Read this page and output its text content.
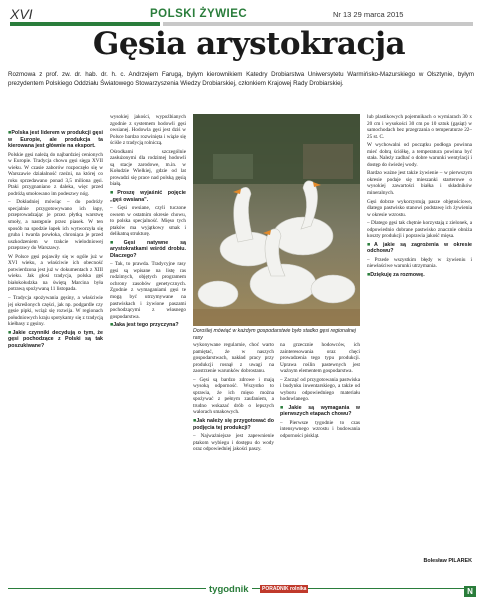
XVI	POLSKI ŻYWIEC	Nr 13 29 marca 2015
Gęsia arystokracja
Rozmowa z prof. zw. dr. hab. dr. h. c. Andrzejem Farugą, byłym kierownikiem Katedry Drobiarstwa Uniwersytetu Warmińsko-Mazurskiego w Olsztynie, byłym prezydentem Polskiego Oddziału Światowego Stowarzyszenia Wiedzy Drobiarskiej, członkiem Krajowej Rady Drobiarskiej.
■ Polska jest liderem w produkcji gęsi w Europie, ale produkcja ta kierowana jest głównie na eksport.

Polskie gęsi należą do najbardziej cenionych w Europie. Tradycja chowu gęsi sięga XVII wieku. W czasie zaborów rozpoczęło się w Warszawie działalność rzeźni, na której co roku sprzedawano ponad 3,5 miliona gęsi. Ptaki przygnaniano z daleka, więc przed podróżą smołowano im podeszwy nóg.

– Dokładniej mówiąc – do podróży specjalnie przygotowywano ich łapy, przeprowadzając je przez płytką warstwę smoły, a następnie przez piasek. W ten sposób na spodzie łapek ich wytworzyła się gruba i twarda powłoka, chroniąca je przed uszkodzeniem w trakcie wielodniowej przeprawy do Warszawy.

W Polsce gęsi pojawiły się w ogóle już w XVI wieku, a właściwie ich obecność potwierdzona jest już w dokumentach z XIII wieku. Jak głosi tradycja, polska gęś białokołudzka na świętą Marcina była potrawą spożywaną 11 listopada.

– Tradycja spożywania gęsiny, a właściwie jej określonych części, jak np. podgardle czy gęsie pipki, wciąż się rozwija. W regionach południowych kraju spotykamy się z tradycją kiełbasy z gęsiny.

■ Jakie czynniki decydują o tym, że gęsi pochodzące z Polski są tak poszukiwane?

wysokiej jakości, wypoźbianych zgodnie z systemem hodowli gęsi owsianej. Hodowla gęsi jest dziś w Polsce bardzo rozwinięta i wiąże się ściśle z tradycją rolniczą.

Ośrodkami szczególnie zasłużonymi dla rodzimej hodowli są stacje zarodowe, m.in. w Kołudzie Wielkiej, gdzie od lat prowadzi się prace nad polską gęsią białą.

■ Proszę wyjaśnić pojęcie „gęś owsiana".

– Gęsi owsiane, czyli tuczone owsem w ostatnim okresie chowu, to polska specjalność. Mięso tych ptaków ma wyjątkowy smak i delikatną strukturę.

■ Gęsi natywne są arystokratkami wśród drobiu. Dlaczego?

– Tak, to prawda. Tradycyjne rasy gęsi są wpisane na listę ras rodzimych, objętych programem ochrony zasobów genetycznych. Zgodnie z wymaganiami gęsi te mogą być utrzymywane na pastwiskach i żywione paszami pochodzącymi z własnego gospodarstwa.

■ Jaka jest tego przyczyna?
Doroślej mówiąć w każdym gospodarstwie było stadko gęsi regionalnej rasy

wykonywane regularnie, choć warto pamiętać, że w naszych gospodarstwach, nakład pracy przy produkcji rosnął z uwagi na zaostrzenie warunków dobrostanu.

– Gęsi są bardzo zdrowe i mają wysoką odporność. Wszystko to sprawia, że ich mięso można spożywać z pełnym zaufaniem, a trudno wskazać drób o lepszych walorach smakowych.

■ Jak należy się przygotować do podjęcia tej produkcji?

– Najważniejsze jest zapewnienie ptakom wybiegu i dostępu do wody oraz odpowiedniej jakości paszy.

na grzecznie hodowców, ich zainteresowania oraz chęci prowadzenia tego typu produkcji. Uprawa roślin pastewnych jest ważnym elementem gospodarstwa.

– Zacząć od przygotowania pastwiska i budynku inwentarskiego, a także od wyboru odpowiedniego materiału hodowlanego.

■ Jakie są wymagania w pierwszych etapach chowu?

– Pierwsze tygodnie to czas intensywnego wzrostu i budowania odporności piskląt.

lub plastikowych pojemnikach o wymiarach 30 x 20 cm i wysokości 30 cm po 10 sztuk (gąsiąt) w samochodach bez przegrzania o temperaturze 22–25 st. C.

W wychowalni od początku podłoga powinna mieć dobrą ściółkę, a temperatura powinna być stała. Należy zadbać o dobre warunki wentylacji i dostęp do świeżej wody.

Bardzo ważne jest także żywienie – w pierwszym okresie podaje się mieszanki starterowe o wysokiej zawartości białka i składników mineralnych.

Gęsi dobrze wykorzystują pasze objętościowe, dlatego pastwisko stanowi podstawę ich żywienia w okresie wzrostu.

– Dlatego gęsi tak chętnie korzystają z zielonek, a odpowiednio dobrane pastwisko znacznie obniża koszty produkcji i poprawia jakość mięsa.

■ A jakie są zagrożenia w okresie odchowu?

– Przede wszystkim błędy w żywieniu i niewłaściwe warunki utrzymania.

■ Dziękuję za rozmowę.
Bolesław PILAREK
tygodnik	PORADNIK rolnika	N
